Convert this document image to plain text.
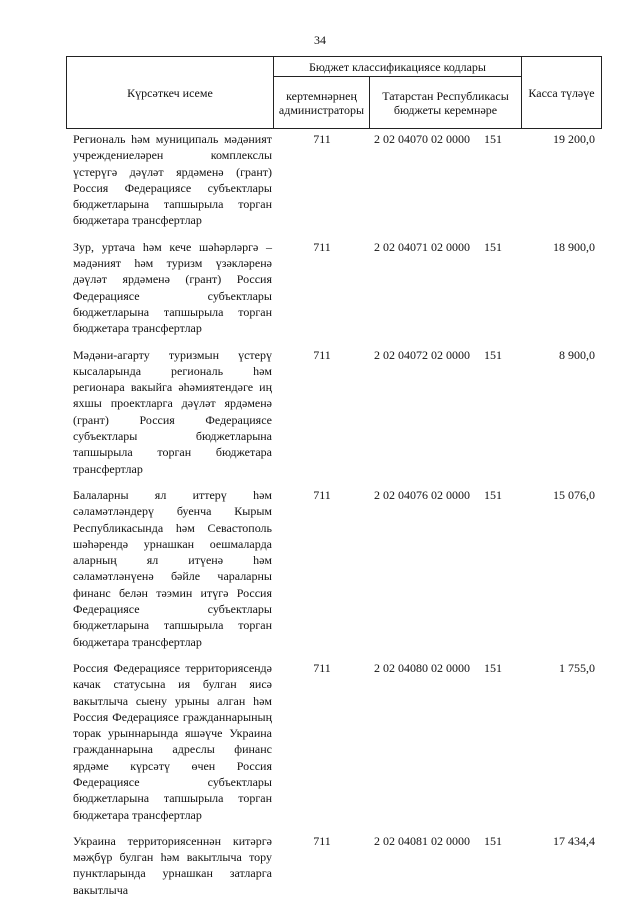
34
Күрсәткеч исеме	Бюджет классификациясе кодлары		Касса түләүе
	кертемнәрнең администраторы	Татарстан Республикасы бюджеты керемнәре	
Региональ һәм муниципаль мәдәният учреждениеләрен комплекслы үстерүгә дәүләт ярдәменә (грант) Россия Федерациясе субъектлары бюджетларына тапшырыла торган бюджетара трансфертлар
711	2 02 04070 02 0000	151	19 200,0
Зур, уртача һәм кече шәһәрләргә – мәдәният һәм туризм үзәкләренә дәүләт ярдәменә (грант) Россия Федерациясе субъектлары бюджетларына тапшырыла торган бюджетара трансфертлар
711	2 02 04071 02 0000	151	18 900,0
Мәдәни-агарту туризмын үстерү кысаларында региональ һәм регионара вакыйга әһәмиятендәге иң яхшы проектларга дәүләт ярдәменә (грант) Россия Федерациясе субъектлары бюджетларына тапшырыла торган бюджетара трансфертлар
711	2 02 04072 02 0000	151	8 900,0
Балаларны ял иттерү һәм сәламәтләндерү буенча Кырым Республикасында һәм Севастополь шәһәрендә урнашкан оешмаларда аларның ял итүенә һәм сәламәтләнүенә бәйле чараларны финанс белән тәэмин итүгә Россия Федерациясе субъектлары бюджетларына тапшырыла торган бюджетара трансфертлар
711	2 02 04076 02 0000	151	15 076,0
Россия Федерациясе территориясендә качак статусына ия булган яисә вакытлыча сыену урыны алган һәм Россия Федерациясе гражданнарының торак урыннарында яшәүче Украина гражданнарына адреслы финанс ярдәме күрсәтү өчен Россия Федерациясе субъектлары бюджетларына тапшырыла торган бюджетара трансфертлар
711	2 02 04080 02 0000	151	1 755,0
Украина территориясеннән китәргә мәҗбүр булган һәм вакытлыча тору пунктларында урнашкан затларга вакытлыча
711	2 02 04081 02 0000	151	17 434,4
